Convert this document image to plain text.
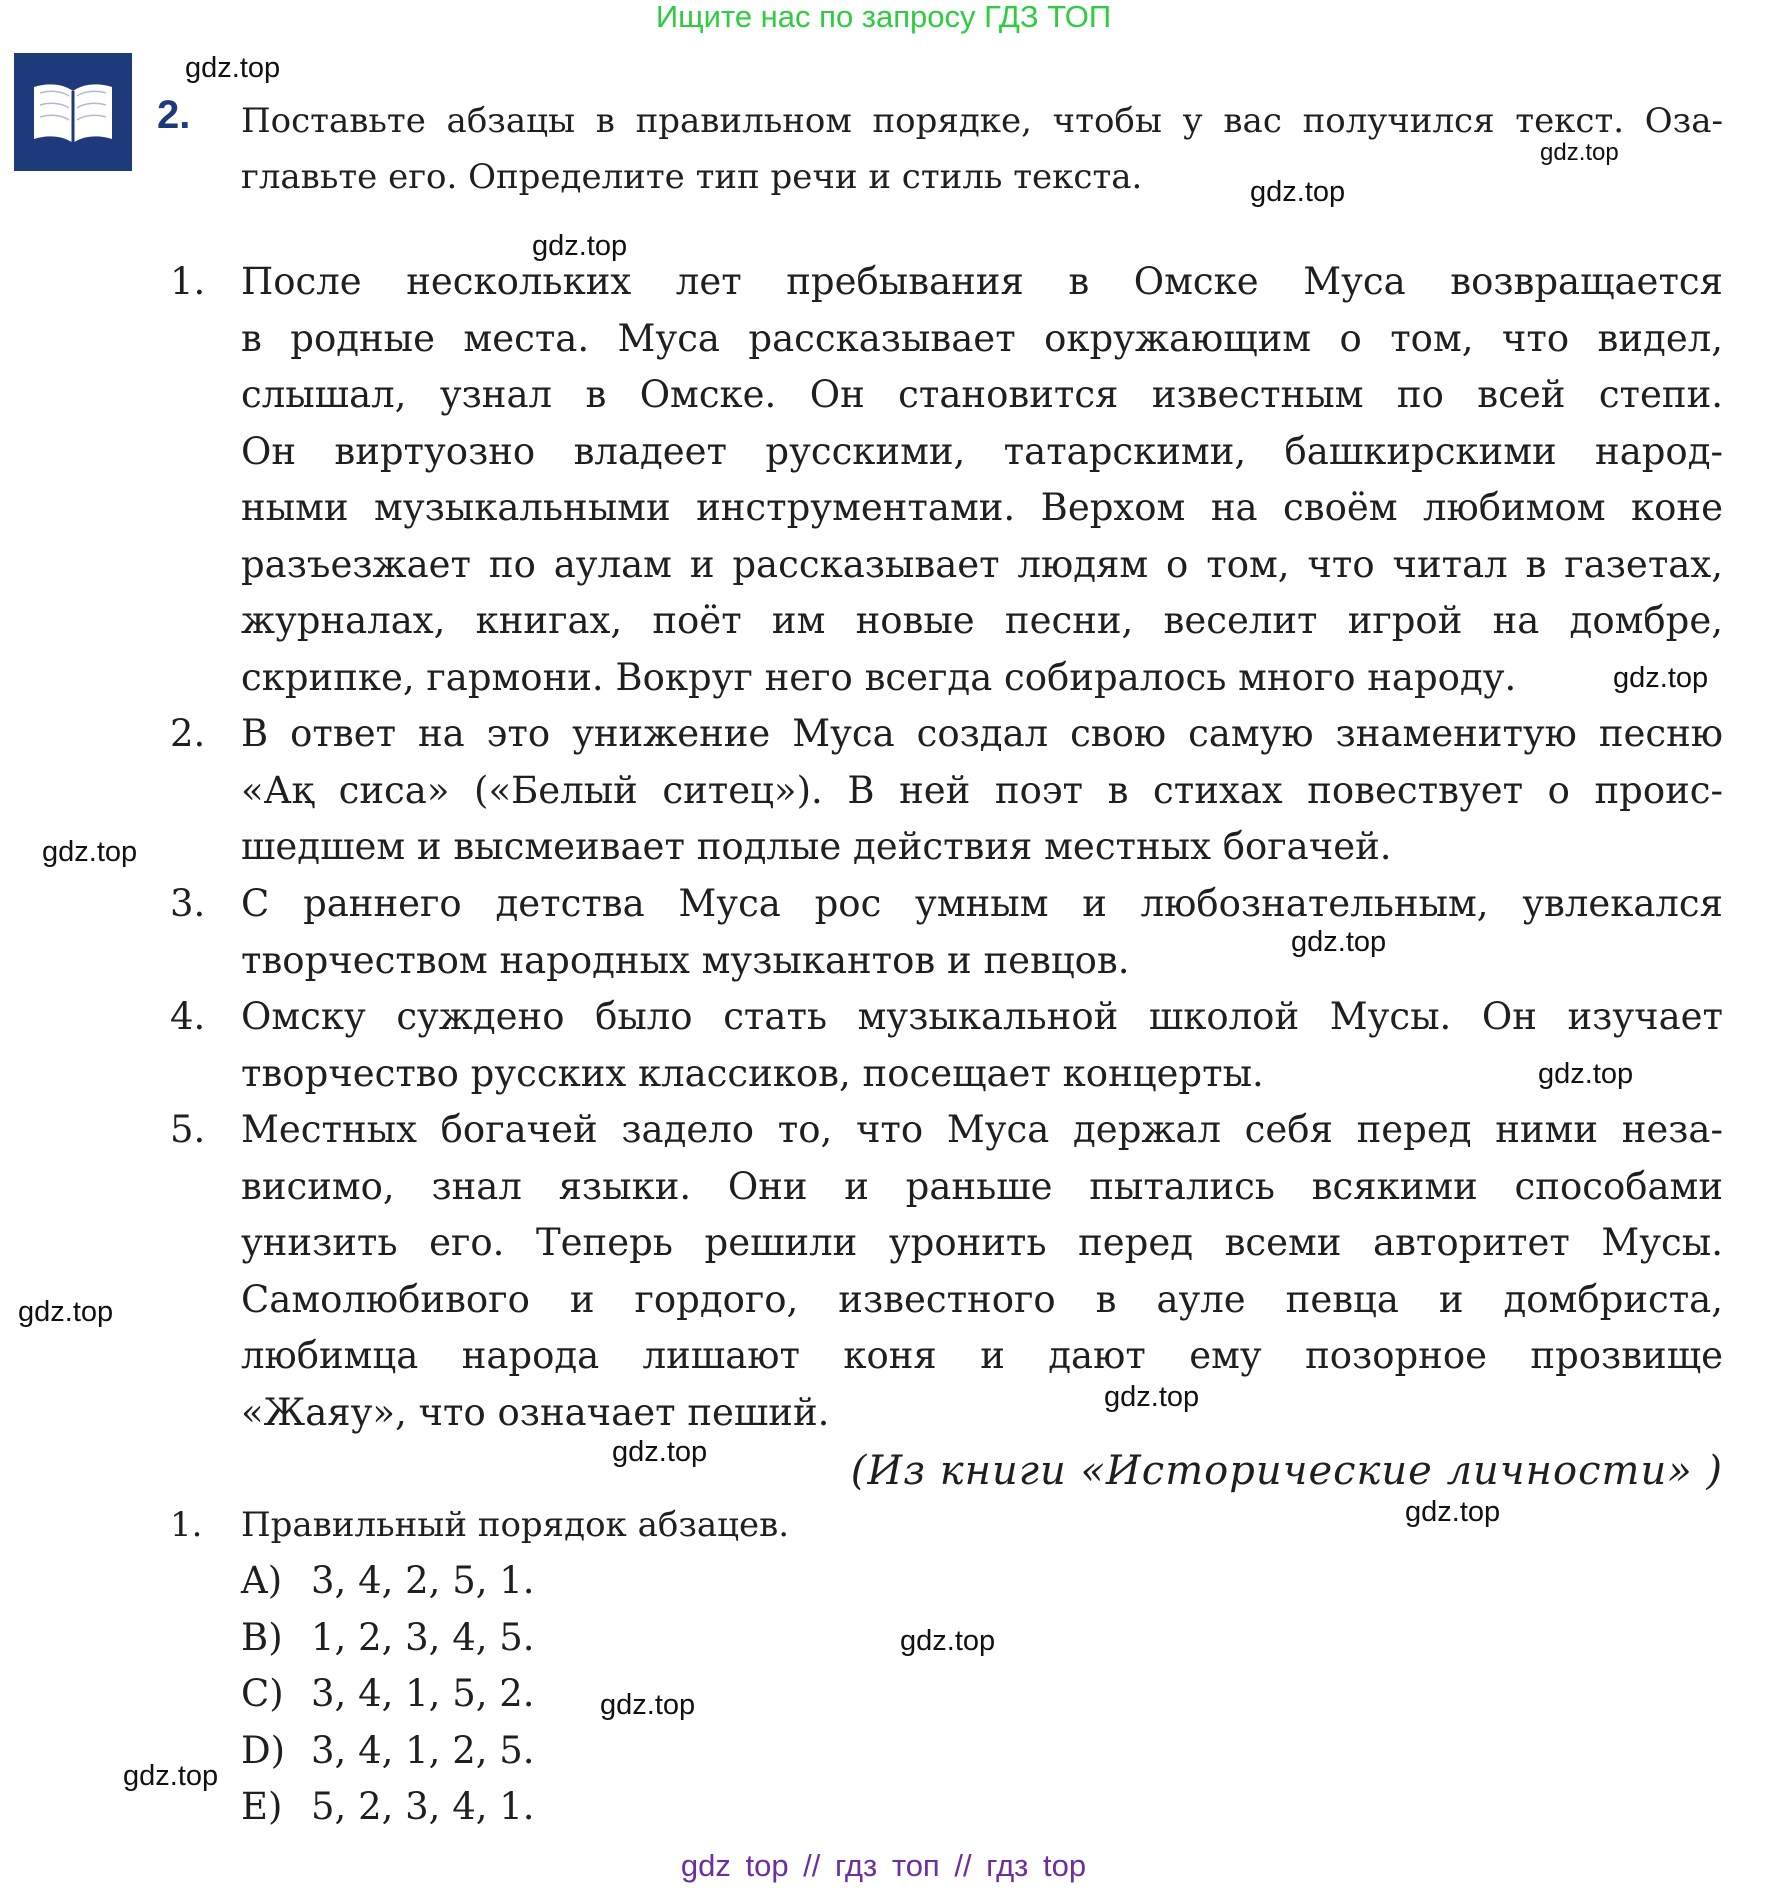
Ищите нас по запросу ГДЗ ТОП
2. Поставьте абзацы в правильном порядке, чтобы у вас получился текст. Оза-
главьте его. Определите тип речи и стиль текста.
1. После нескольких лет пребывания в Омске Муса возвращается
в родные места. Муса рассказывает окружающим о том, что видел,
слышал, узнал в Омске. Он становится известным по всей степи.
Он виртуозно владеет русскими, татарскими, башкирскими народ-
ными музыкальными инструментами. Верхом на своём любимом коне
разъезжает по аулам и рассказывает людям о том, что читал в газетах,
журналах, книгах, поёт им новые песни, веселит игрой на домбре,
скрипке, гармони. Вокруг него всегда собиралось много народу.
2. В ответ на это унижение Муса создал свою самую знаменитую песню
«Ақ сиса» («Белый ситец»). В ней поэт в стихах повествует о проис-
шедшем и высмеивает подлые действия местных богачей.
3. С раннего детства Муса рос умным и любознательным, увлекался
творчеством народных музыкантов и певцов.
4. Омску суждено было стать музыкальной школой Мусы. Он изучает
творчество русских классиков, посещает концерты.
5. Местных богачей задело то, что Муса держал себя перед ними неза-
висимо, знал языки. Они и раньше пытались всякими способами
унизить его. Теперь решили уронить перед всеми авторитет Мусы.
Самолюбивого и гордого, известного в ауле певца и домбриста,
любимца народа лишают коня и дают ему позорное прозвище
«Жаяу», что означает пеший.
(Из книги «Исторические личности» )
1. Правильный порядок абзацев.
A) 3, 4, 2, 5, 1.
B) 1, 2, 3, 4, 5.
C) 3, 4, 1, 5, 2.
D) 3, 4, 1, 2, 5.
E) 5, 2, 3, 4, 1.
gdz top // гдз топ // гдз top
gdz.top
gdz.top
gdz.top
gdz.top
gdz.top
gdz.top
gdz.top
gdz.top
gdz.top
gdz.top
gdz.top
gdz.top
gdz.top
gdz.top
gdz.top
